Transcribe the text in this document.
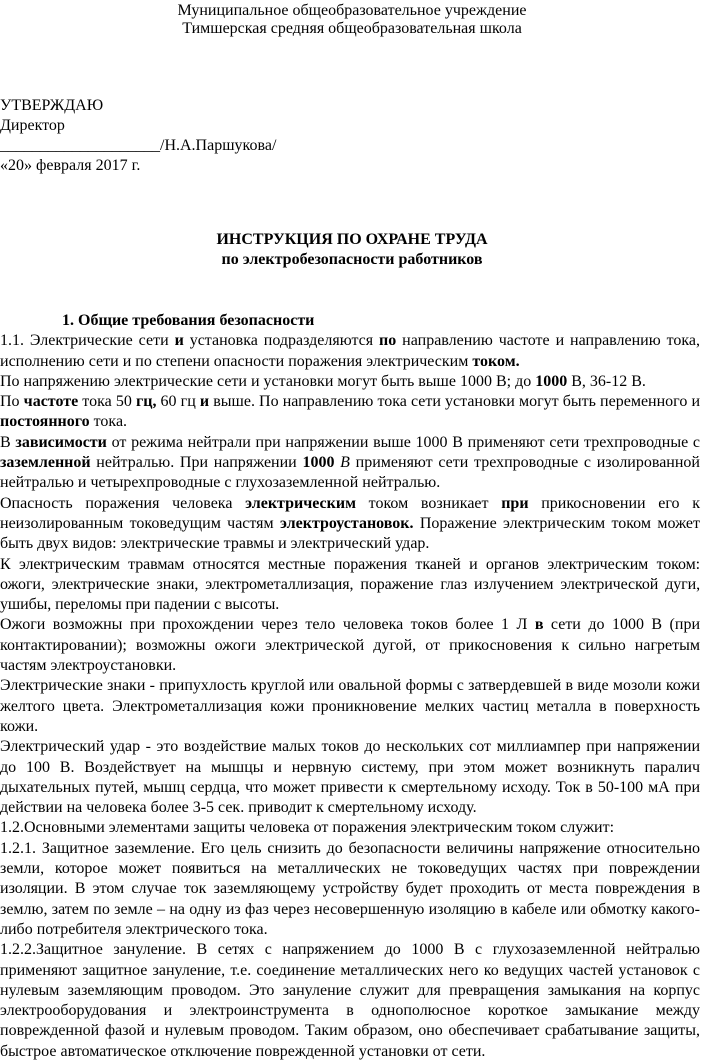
Муниципальное общеобразовательное учреждение
Тимшерская средняя общеобразовательная школа
УТВЕРЖДАЮ
Директор
____________________/Н.А.Паршукова/
«20» февраля 2017 г.
ИНСТРУКЦИЯ ПО ОХРАНЕ ТРУДА
по электробезопасности работников

1. Общие требования безопасности

1.1. Электрические сети и установка подразделяются по направлению частоте и направлению тока, исполнению сети и по степени опасности поражения электрическим током.

По напряжению электрические сети и установки могут быть выше 1000 В; до 1000 В, 36-12 В.

По частоте тока 50 гц, 60 гц и выше. По направлению тока сети установки могут быть переменного и постоянного тока.

В зависимости от режима нейтрали при напряжении выше 1000 В применяют сети трехпроводные с заземленной нейтралью. При напряжении 1000 В применяют сети трехпроводные с изолированной нейтралью и четырехпроводные с глухозаземленной нейтралью.

Опасность поражения человека электрическим током возникает при прикосновении его к неизолированным токоведущим частям электроустановок. Поражение электрическим током может быть двух видов: электрические травмы и электрический удар.

К электрическим травмам относятся местные поражения тканей и органов электрическим током: ожоги, электрические знаки, электрометаллизация, поражение глаз излучением электрической дуги, ушибы, переломы при падении с высоты.

Ожоги возможны при прохождении через тело человека токов более 1 Л в сети до 1000 В (при контактировании); возможны ожоги электрической дугой, от прикосновения к сильно нагретым частям электроустановки.

Электрические знаки - припухлость круглой или овальной формы с затвердевшей в виде мозоли кожи желтого цвета. Электрометаллизация кожи проникновение мелких частиц металла в поверхность кожи.

Электрический удар - это воздействие малых токов до нескольких сот миллиампер при напряжении до 100 В. Воздействует на мышцы и нервную систему, при этом может возникнуть паралич дыхательных путей, мышц сердца, что может привести к смертельному исходу. Ток в 50-100 мА при действии на человека более 3-5 сек. приводит к смертельному исходу.

1.2.Основными элементами защиты человека от поражения электрическим током служит:

1.2.1. Защитное заземление. Его цель снизить до безопасности величины напряжение относительно земли, которое может появиться на металлических не токоведущих частях при повреждении изоляции. В этом случае ток заземляющему устройству будет проходить от места повреждения в землю, затем по земле – на одну из фаз через несовершенную изоляцию в кабеле или обмотку какого-либо потребителя электрического тока.

1.2.2.Защитное зануление. В сетях с напряжением до 1000 В с глухозаземленной нейтралью применяют защитное зануление, т.е. соединение металлических него ко ведущих частей установок с нулевым заземляющим проводом. Это зануление служит для превращения замыкания на корпус электрооборудования и электроинструмента в однополюсное короткое замыкание между поврежденной фазой и нулевым проводом. Таким образом, оно обеспечивает срабатывание защиты, быстрое автоматическое отключение поврежденной установки от сети.
